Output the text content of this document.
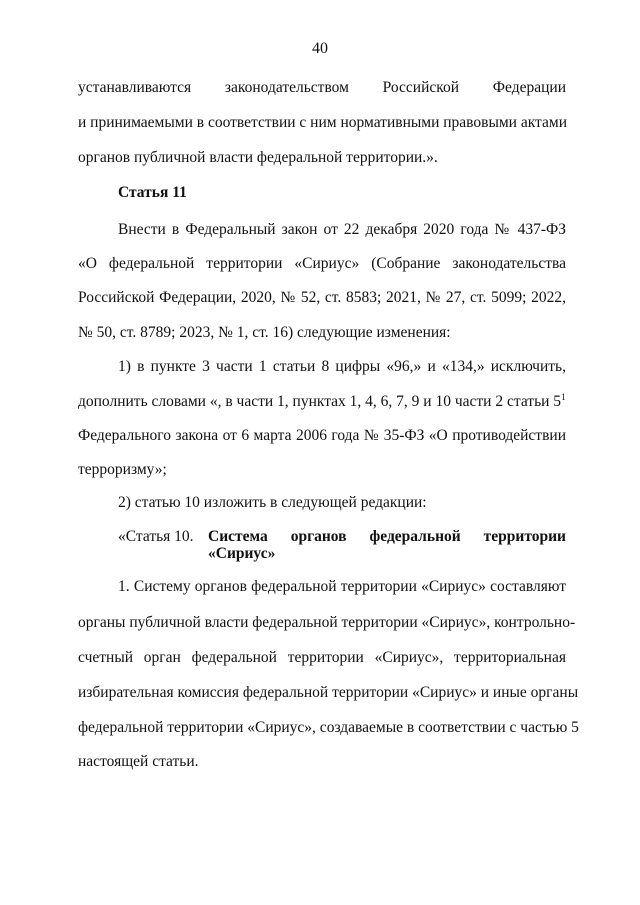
40
устанавливаются законодательством Российской Федерации
и принимаемыми в соответствии с ним нормативными правовыми актами
органов публичной власти федеральной территории.».
Статья 11
Внести в Федеральный закон от 22 декабря 2020 года № 437-ФЗ
«О федеральной территории «Сириус» (Собрание законодательства
Российской Федерации, 2020, № 52, ст. 8583; 2021, № 27, ст. 5099; 2022,
№ 50, ст. 8789; 2023, № 1, ст. 16) следующие изменения:
1) в пункте 3 части 1 статьи 8 цифры «96,» и «134,» исключить,
дополнить словами «, в части 1, пунктах 1, 4, 6, 7, 9 и 10 части 2 статьи $5^1$
Федерального закона от 6 марта 2006 года № 35-ФЗ «О противодействии
терроризму»;
2) статью 10 изложить в следующей редакции:
«Статья 10. Система органов федеральной территории
«Сириус»
1. Систему органов федеральной территории «Сириус» составляют
органы публичной власти федеральной территории «Сириус», контрольно-
счетный орган федеральной территории «Сириус», территориальная
избирательная комиссия федеральной территории «Сириус» и иные органы
федеральной территории «Сириус», создаваемые в соответствии с частью 5
настоящей статьи.
